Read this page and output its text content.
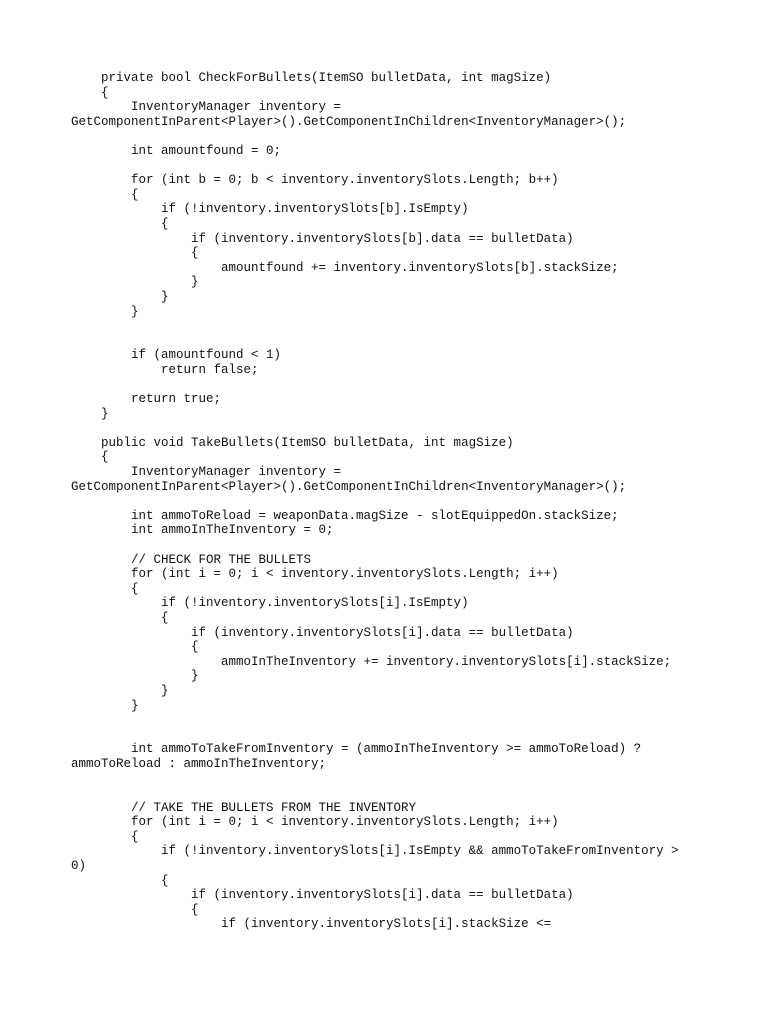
private bool CheckForBullets(ItemSO bulletData, int magSize)
{
InventoryManager inventory =
GetComponentInParent<Player>().GetComponentInChildren<InventoryManager>();
int amountfound = 0;
for (int b = 0; b < inventory.inventorySlots.Length; b++)
{
if (!inventory.inventorySlots[b].IsEmpty)
{
if (inventory.inventorySlots[b].data == bulletData)
{
amountfound += inventory.inventorySlots[b].stackSize;
}
}
}
if (amountfound < 1)
return false;
return true;
}
public void TakeBullets(ItemSO bulletData, int magSize)
{
InventoryManager inventory =
GetComponentInParent<Player>().GetComponentInChildren<InventoryManager>();
int ammoToReload = weaponData.magSize - slotEquippedOn.stackSize;
int ammoInTheInventory = 0;
// CHECK FOR THE BULLETS
for (int i = 0; i < inventory.inventorySlots.Length; i++)
{
if (!inventory.inventorySlots[i].IsEmpty)
{
if (inventory.inventorySlots[i].data == bulletData)
{
ammoInTheInventory += inventory.inventorySlots[i].stackSize;
}
}
}
int ammoToTakeFromInventory = (ammoInTheInventory >= ammoToReload) ?
ammoToReload : ammoInTheInventory;
// TAKE THE BULLETS FROM THE INVENTORY
for (int i = 0; i < inventory.inventorySlots.Length; i++)
{
if (!inventory.inventorySlots[i].IsEmpty && ammoToTakeFromInventory >
0)
{
if (inventory.inventorySlots[i].data == bulletData)
{
if (inventory.inventorySlots[i].stackSize <=
